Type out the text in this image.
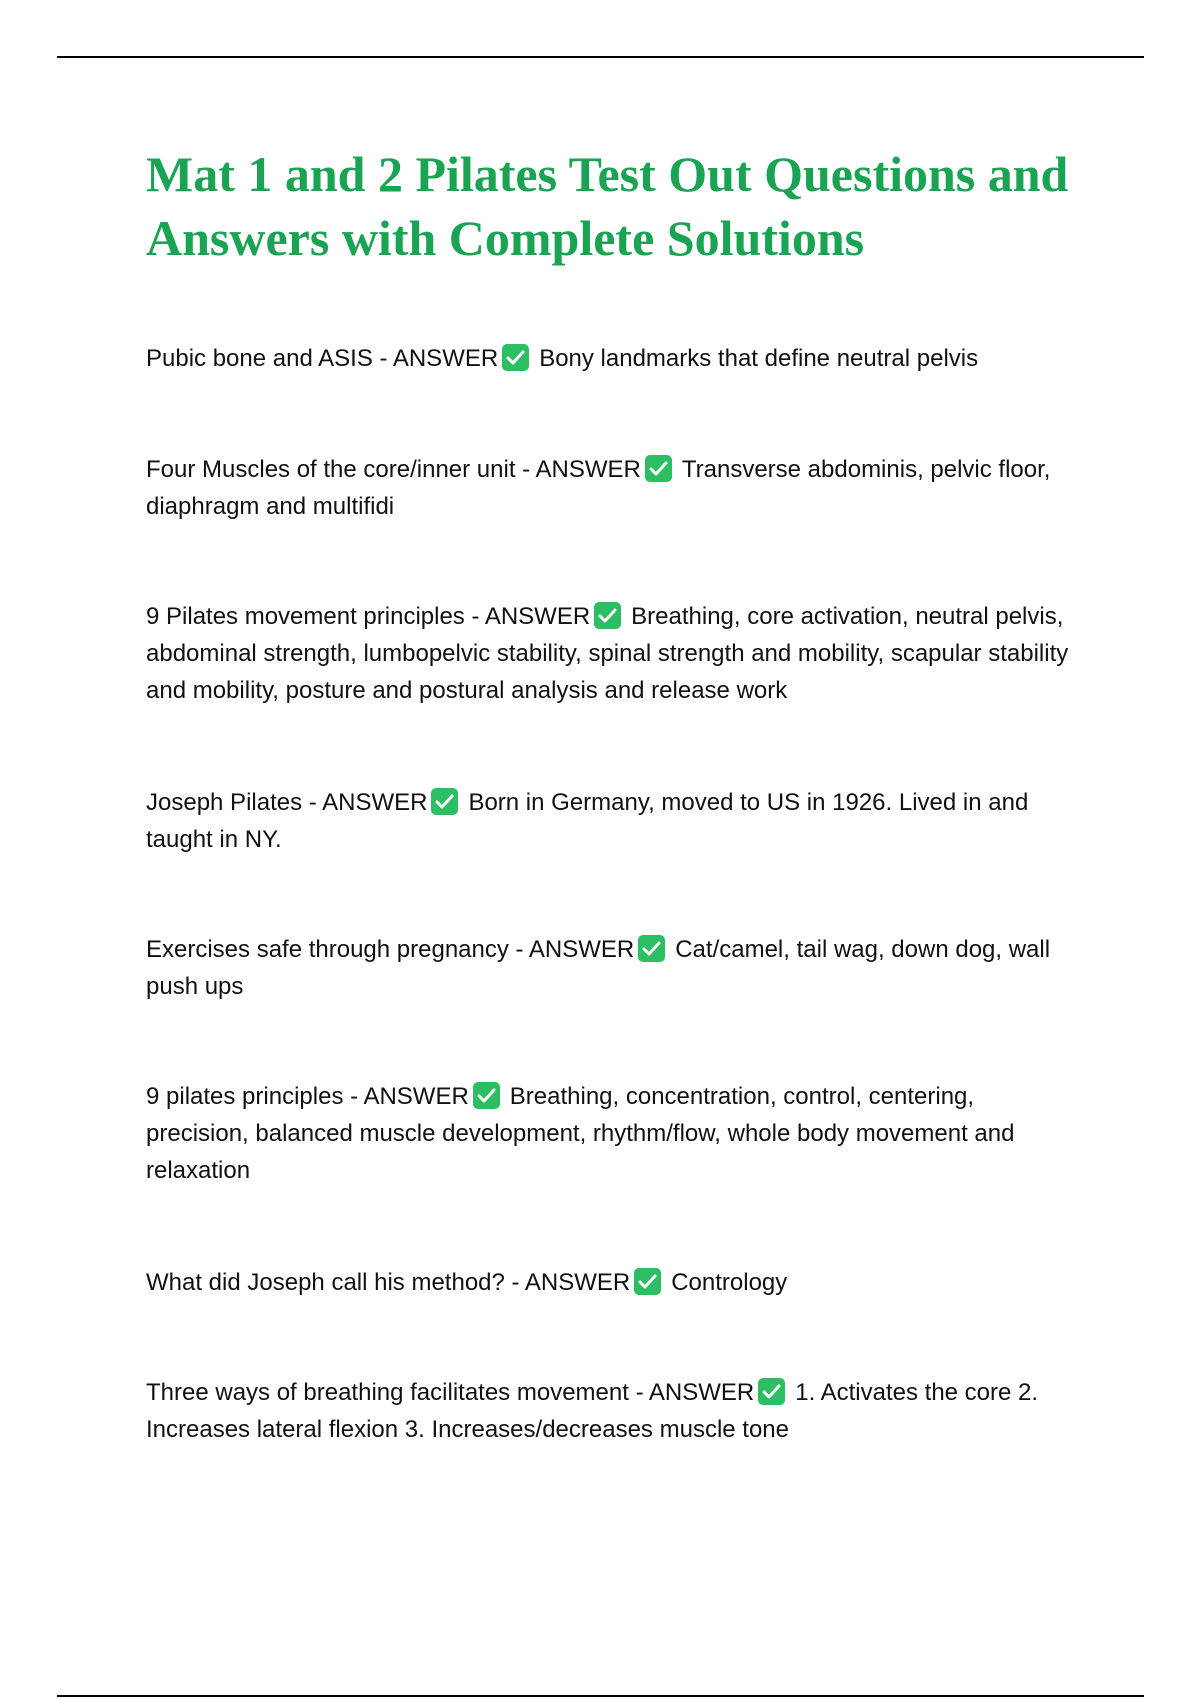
Mat 1 and 2 Pilates Test Out Questions and Answers with Complete Solutions

Pubic bone and ASIS - ANSWER Bony landmarks that define neutral pelvis

Four Muscles of the core/inner unit - ANSWER Transverse abdominis, pelvic floor, diaphragm and multifidi

9 Pilates movement principles - ANSWER Breathing, core activation, neutral pelvis, abdominal strength, lumbopelvic stability, spinal strength and mobility, scapular stability and mobility, posture and postural analysis and release work

Joseph Pilates - ANSWER Born in Germany, moved to US in 1926. Lived in and taught in NY.

Exercises safe through pregnancy - ANSWER Cat/camel, tail wag, down dog, wall push ups

9 pilates principles - ANSWER Breathing, concentration, control, centering, precision, balanced muscle development, rhythm/flow, whole body movement and relaxation

What did Joseph call his method? - ANSWER Contrology

Three ways of breathing facilitates movement - ANSWER 1. Activates the core 2. Increases lateral flexion 3. Increases/decreases muscle tone
